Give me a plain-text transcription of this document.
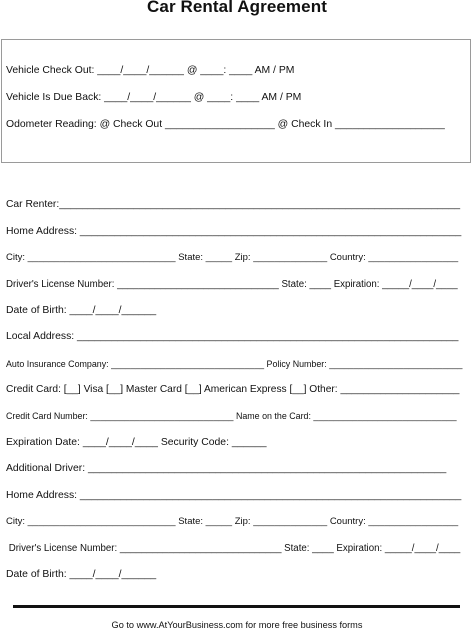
Car Rental Agreement
Vehicle Check Out: ____/____/______ @ ____: ____ AM / PM
Vehicle Is Due Back: ____/____/______ @ ____: ____ AM / PM
Odometer Reading: @ Check Out ___________________ @ Check In ___________________
Car Renter:______________________________________________________________________
Home Address: __________________________________________________________________
City: ____________________________ State: _____ Zip: ______________ Country: _________________
Driver's License Number: ______________________________ State: ____ Expiration: _____/____/____
Date of Birth: ____/____/______
Local Address: __________________________________________________________________
Auto Insurance Company: _______________________________ Policy Number: ___________________________
Credit Card: [__] Visa [__] Master Card [__] American Express [__] Other: _____________________
Credit Card Number: _____________________________ Name on the Card: _____________________________
Expiration Date: ____/____/____ Security Code: ______
Additional Driver: ______________________________________________________________
Home Address: __________________________________________________________________
City: ____________________________ State: _____ Zip: ______________ Country: _________________
Driver's License Number: ______________________________ State: ____ Expiration: _____/____/____
Date of Birth: ____/____/______
Go to www.AtYourBusiness.com for more free business forms
